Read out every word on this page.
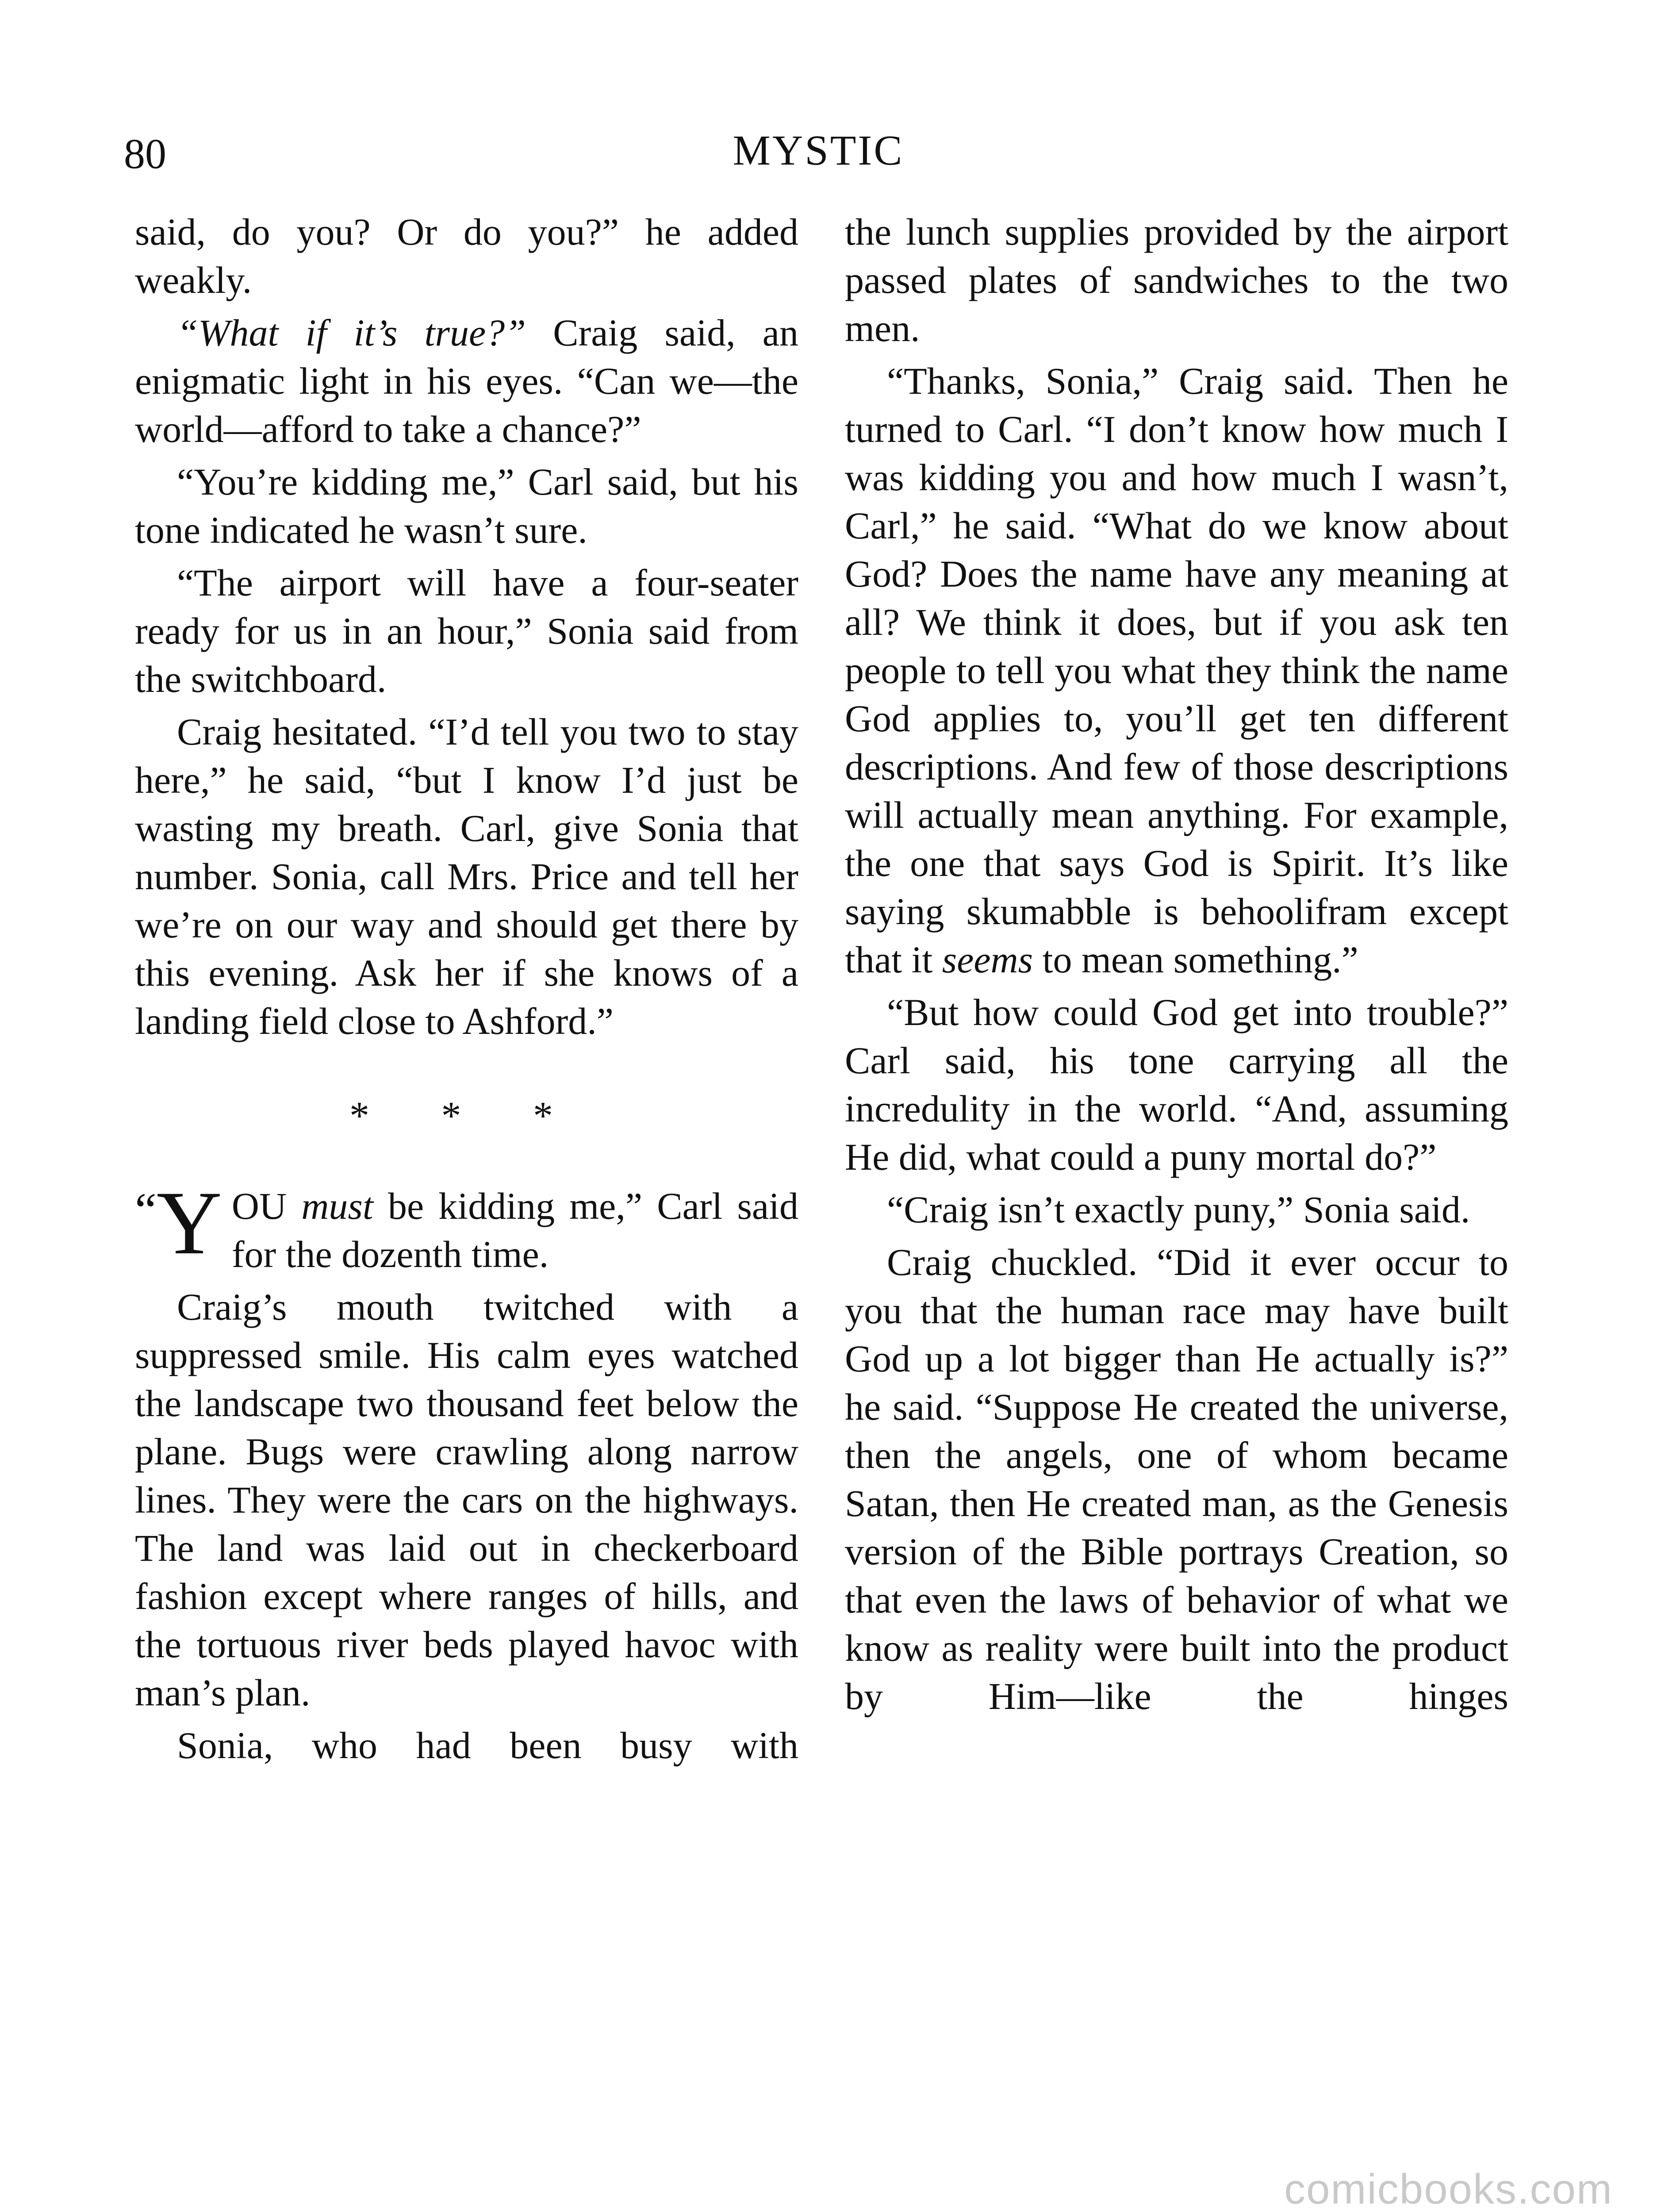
80	MYSTIC

said, do you? Or do you?” he added weakly.

“What if it’s true?” Craig said, an enigmatic light in his eyes. “Can we—the world—afford to take a chance?”

“You’re kidding me,” Carl said, but his tone indicated he wasn’t sure.

“The airport will have a four-seater ready for us in an hour,” Sonia said from the switchboard.

Craig hesitated. “I’d tell you two to stay here,” he said, “but I know I’d just be wasting my breath. Carl, give Sonia that number. Sonia, call Mrs. Price and tell her we’re on our way and should get there by this evening. Ask her if she knows of a landing field close to Ashford.”

* * *

“Y OU must be kidding me,” Carl said for the dozenth time.

Craig’s mouth twitched with a suppressed smile. His calm eyes watched the landscape two thousand feet below the plane. Bugs were crawling along narrow lines. They were the cars on the highways. The land was laid out in checkerboard fashion except where ranges of hills, and the tortuous river beds played havoc with man’s plan.

Sonia, who had been busy with

the lunch supplies provided by the airport passed plates of sandwiches to the two men.

“Thanks, Sonia,” Craig said. Then he turned to Carl. “I don’t know how much I was kidding you and how much I wasn’t, Carl,” he said. “What do we know about God? Does the name have any meaning at all? We think it does, but if you ask ten people to tell you what they think the name God applies to, you’ll get ten different descriptions. And few of those descriptions will actually mean anything. For example, the one that says God is Spirit. It’s like saying skumabble is behoolifram except that it seems to mean something.”

“But how could God get into trouble?” Carl said, his tone carrying all the incredulity in the world. “And, assuming He did, what could a puny mortal do?”

“Craig isn’t exactly puny,” Sonia said.

Craig chuckled. “Did it ever occur to you that the human race may have built God up a lot bigger than He actually is?” he said. “Suppose He created the universe, then the angels, one of whom became Satan, then He created man, as the Genesis version of the Bible portrays Creation, so that even the laws of behavior of what we know as reality were built into the product by Him—like the hinges

comicbooks.com
